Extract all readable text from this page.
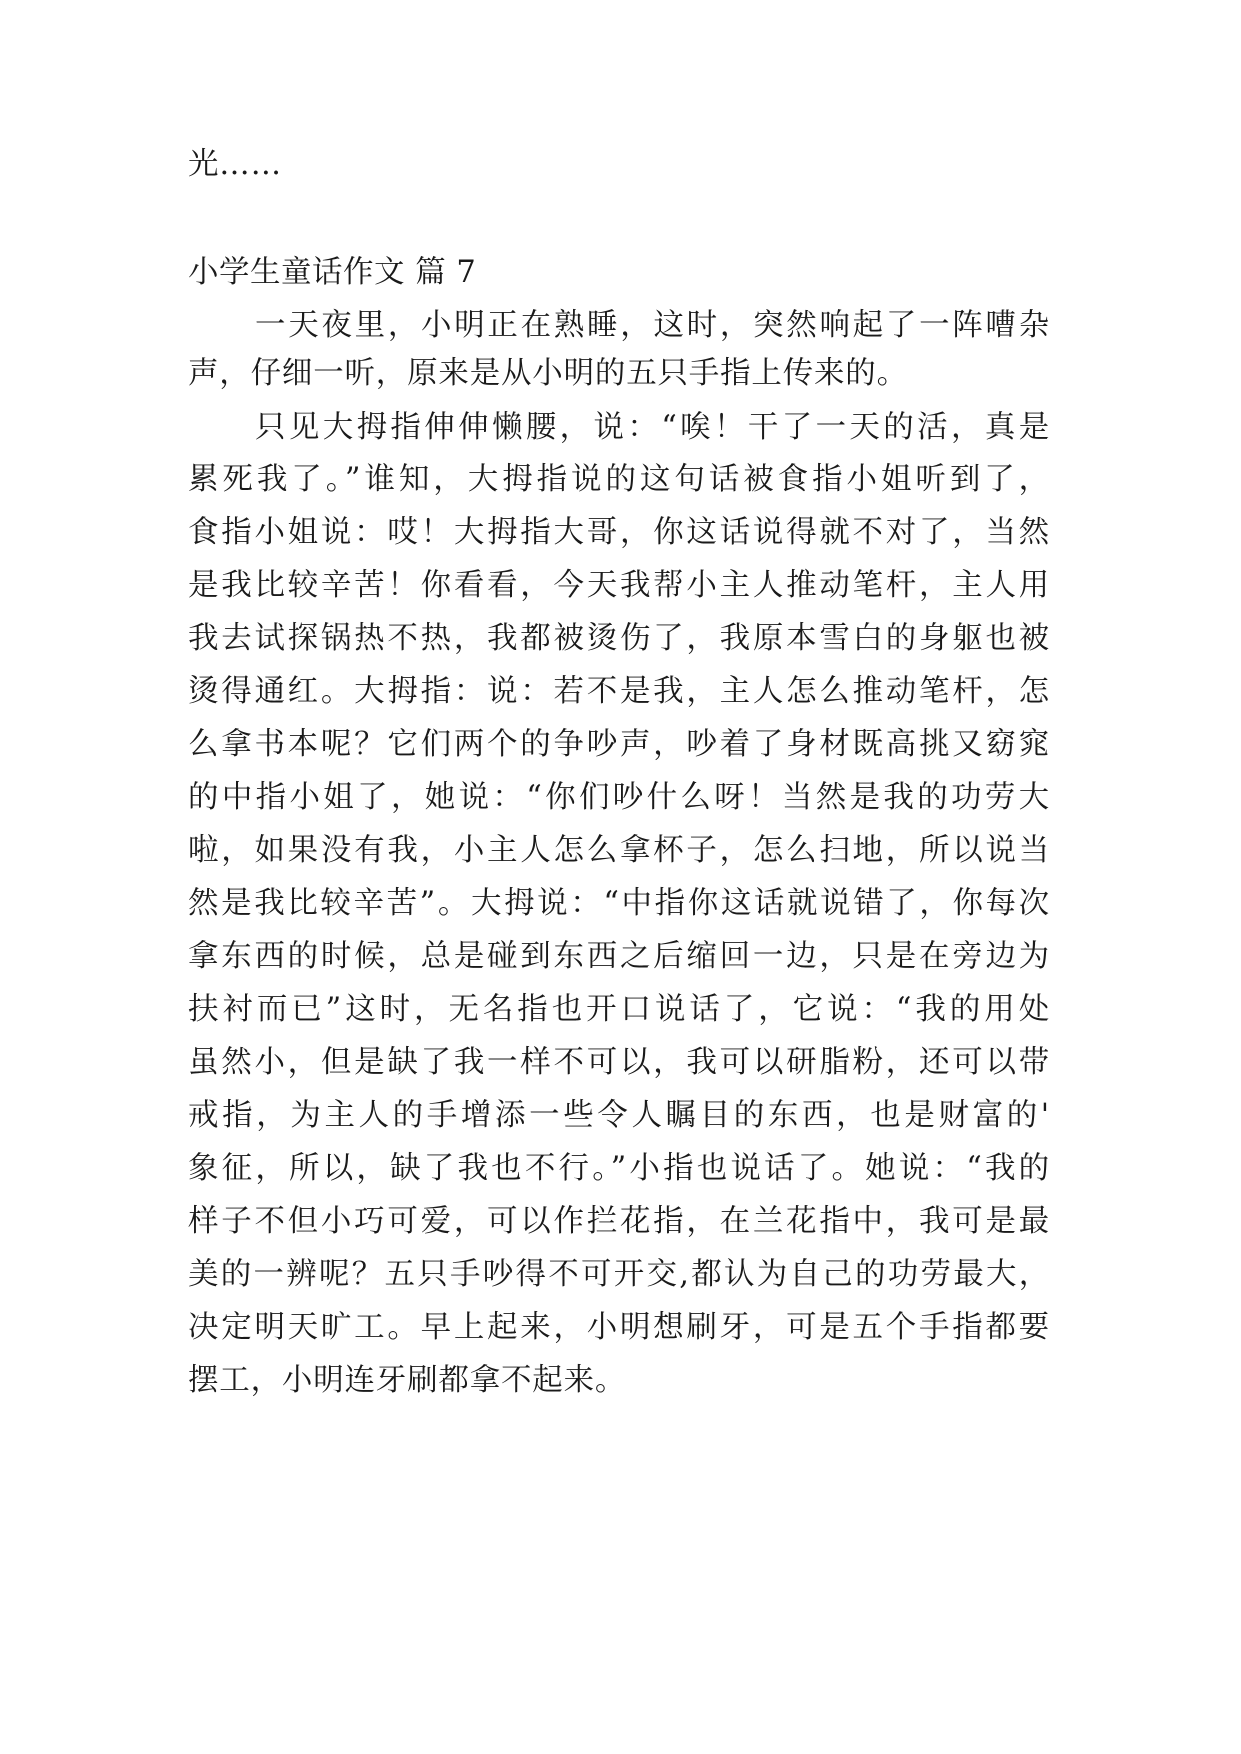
光……
小学生童话作文 篇 7
一天夜里，小明正在熟睡，这时，突然响起了一阵嘈杂
声，仔细一听，原来是从小明的五只手指上传来的。
只见大拇指伸伸懒腰，说：“唉！干了一天的活，真是
累死我了。”谁知，大拇指说的这句话被食指小姐听到了，
食指小姐说：哎！大拇指大哥，你这话说得就不对了，当然
是我比较辛苦！你看看，今天我帮小主人推动笔杆，主人用
我去试探锅热不热，我都被烫伤了，我原本雪白的身躯也被
烫得通红。大拇指：说：若不是我，主人怎么推动笔杆，怎
么拿书本呢？它们两个的争吵声，吵着了身材既高挑又窈窕
的中指小姐了，她说：“你们吵什么呀！当然是我的功劳大
啦，如果没有我，小主人怎么拿杯子，怎么扫地，所以说当
然是我比较辛苦”。大拇说：“中指你这话就说错了，你每次
拿东西的时候，总是碰到东西之后缩回一边，只是在旁边为
扶衬而已”这时，无名指也开口说话了，它说：“我的用处
虽然小，但是缺了我一样不可以，我可以研脂粉，还可以带
戒指，为主人的手增添一些令人瞩目的东西，也是财富的'
象征，所以，缺了我也不行。”小指也说话了。她说：“我的
样子不但小巧可爱，可以作拦花指，在兰花指中，我可是最
美的一辨呢？五只手吵得不可开交,都认为自己的功劳最大，
决定明天旷工。早上起来，小明想刷牙，可是五个手指都要
摆工，小明连牙刷都拿不起来。
